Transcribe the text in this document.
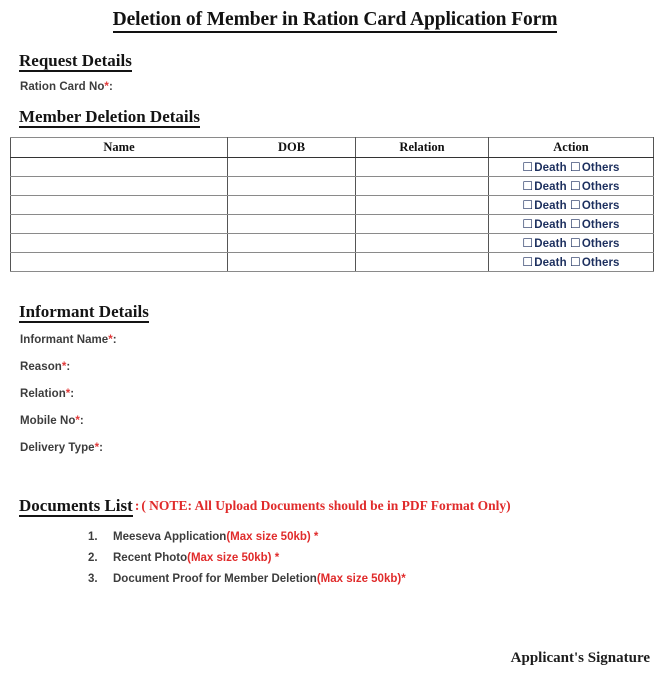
Deletion of Member in Ration Card Application Form
Request Details
Ration Card No*:
Member Deletion Details
Name	DOB	Relation	Action
			☐Death ☐Others
			☐Death ☐Others
			☐Death ☐Others
			☐Death ☐Others
			☐Death ☐Others
			☐Death ☐Others
Informant Details
Informant Name*:
Reason*:
Relation*:
Mobile No*:
Delivery Type*:
Documents List : ( NOTE: All Upload Documents should be in PDF Format Only)
1. Meeseva Application(Max size 50kb) *
2. Recent Photo(Max size 50kb) *
3. Document Proof for Member Deletion(Max size 50kb)*
Applicant's Signature
